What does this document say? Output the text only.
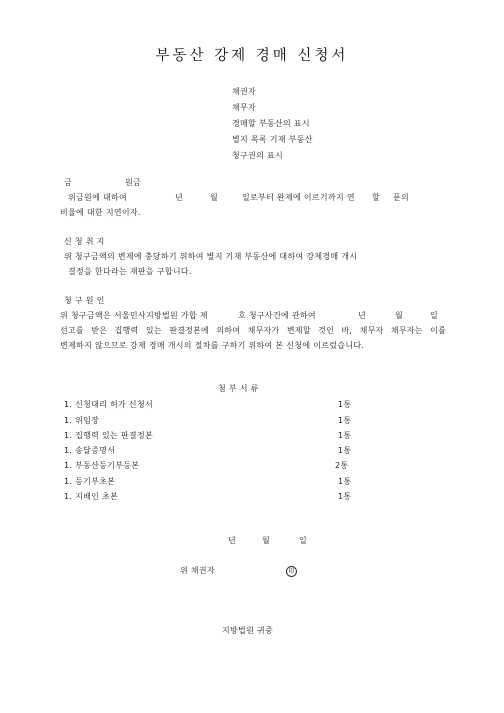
부동산 강제 경매 신청서
채권자
채무자
경매할 부동산의 표시
별지 목록 기재 부동산
청구권의 표시
금	원금
위금원에 대하여	년	월	일로부터 완제에 이르기까지 연 할 푼의
비율에 대한 지연이자.
신 청 취 지
위 청구금액의 변제에 충당하기 위하여 별지 기재 부동산에 대하여 강제경매 개시
결정을 한다라는 재판을 구합니다.
청 구 원 인
위 청구금액은 서울민사지방법원 가합 제	호 청구사건에 관하여	년	월	일
선고를 받은 집행력 있는 판결정본에 의하여 채무자가 변제할 것인 바, 채무자 채무자는 이를
변제하지 않으므로 강제 경매 개시의 절차를 구하기 위하여 본 신청에 이르렀습니다.
첨 부 서 류
1. 신청대리 허가 신청서	1통
1. 위임장	1통
1. 집행력 있는 판결정본	1통
1. 송달증명서	1통
1. 부동산등기부등본	2통
1. 등기부초본	1통
1. 지배인 초본	1통
년	월	일
위 채권자	印
지방법원 귀중
